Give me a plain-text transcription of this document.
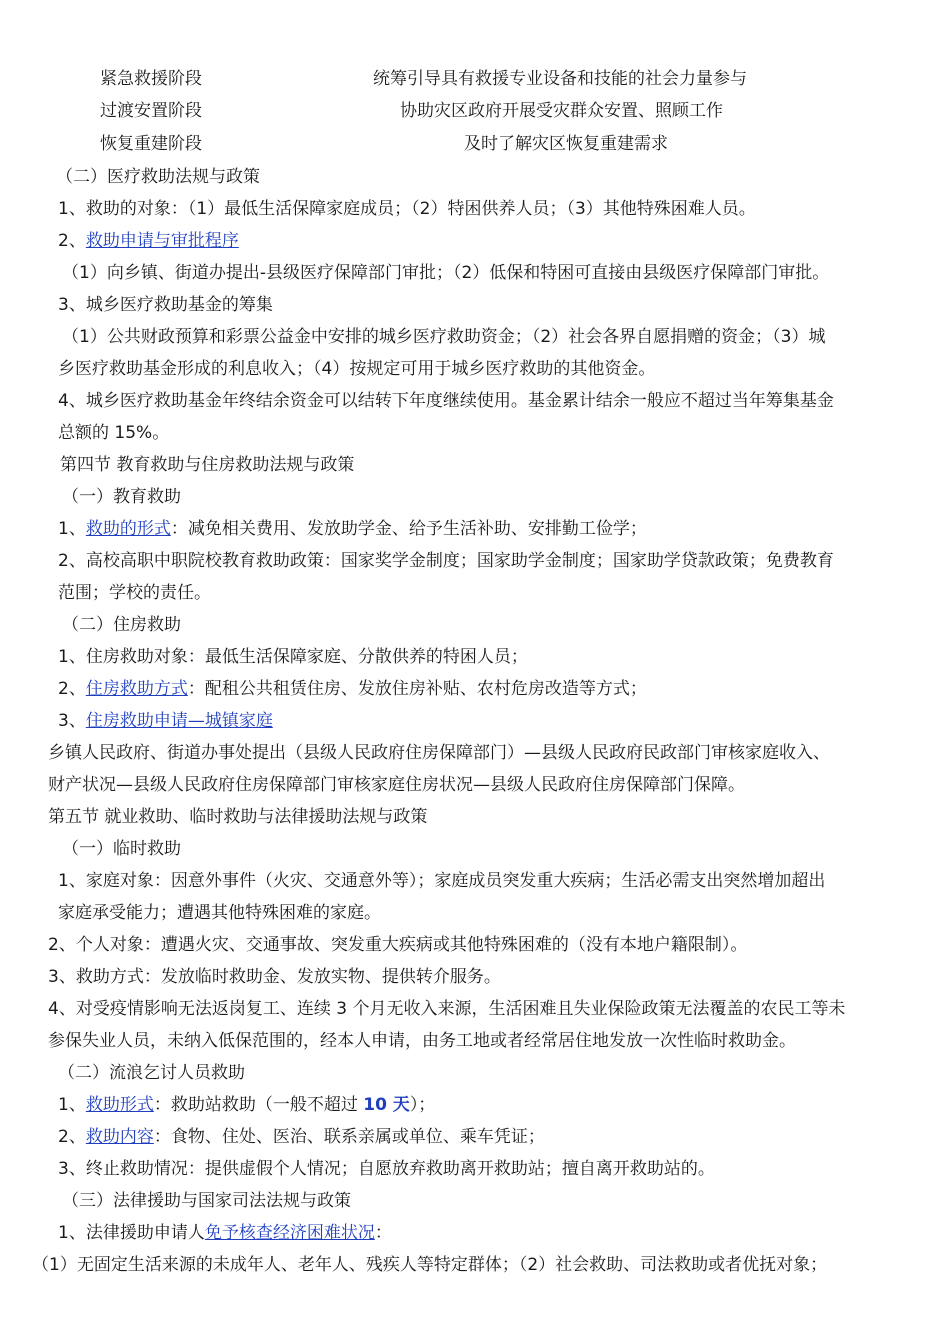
紧急救援阶段	统筹引导具有救援专业设备和技能的社会力量参与
过渡安置阶段	协助灾区政府开展受灾群众安置、照顾工作
恢复重建阶段	及时了解灾区恢复重建需求
（二）医疗救助法规与政策
1、救助的对象：（1）最低生活保障家庭成员；（2）特困供养人员；（3）其他特殊困难人员。
2、救助申请与审批程序
（1）向乡镇、街道办提出-县级医疗保障部门审批；（2）低保和特困可直接由县级医疗保障部门审批。
3、城乡医疗救助基金的筹集
（1）公共财政预算和彩票公益金中安排的城乡医疗救助资金；（2）社会各界自愿捐赠的资金；（3）城
乡医疗救助基金形成的利息收入；（4）按规定可用于城乡医疗救助的其他资金。
4、城乡医疗救助基金年终结余资金可以结转下年度继续使用。基金累计结余一般应不超过当年筹集基金
总额的 15%。
第四节 教育救助与住房救助法规与政策
（一）教育救助
1、救助的形式：减免相关费用、发放助学金、给予生活补助、安排勤工俭学；
2、高校高职中职院校教育救助政策：国家奖学金制度；国家助学金制度；国家助学贷款政策；免费教育
范围；学校的责任。
（二）住房救助
1、住房救助对象：最低生活保障家庭、分散供养的特困人员；
2、住房救助方式：配租公共租赁住房、发放住房补贴、农村危房改造等方式；
3、住房救助申请—城镇家庭
乡镇人民政府、街道办事处提出（县级人民政府住房保障部门）—县级人民政府民政部门审核家庭收入、
财产状况—县级人民政府住房保障部门审核家庭住房状况—县级人民政府住房保障部门保障。
第五节 就业救助、临时救助与法律援助法规与政策
（一）临时救助
1、家庭对象：因意外事件（火灾、交通意外等）；家庭成员突发重大疾病；生活必需支出突然增加超出
家庭承受能力；遭遇其他特殊困难的家庭。
2、个人对象：遭遇火灾、交通事故、突发重大疾病或其他特殊困难的（没有本地户籍限制）。
3、救助方式：发放临时救助金、发放实物、提供转介服务。
4、对受疫情影响无法返岗复工、连续 3 个月无收入来源，生活困难且失业保险政策无法覆盖的农民工等未
参保失业人员，未纳入低保范围的，经本人申请，由务工地或者经常居住地发放一次性临时救助金。
（二）流浪乞讨人员救助
1、救助形式：救助站救助（一般不超过 10 天）；
2、救助内容：食物、住处、医治、联系亲属或单位、乘车凭证；
3、终止救助情况：提供虚假个人情况；自愿放弃救助离开救助站；擅自离开救助站的。
（三）法律援助与国家司法法规与政策
1、法律援助申请人免予核查经济困难状况：
（1）无固定生活来源的未成年人、老年人、残疾人等特定群体；（2）社会救助、司法救助或者优抚对象；
